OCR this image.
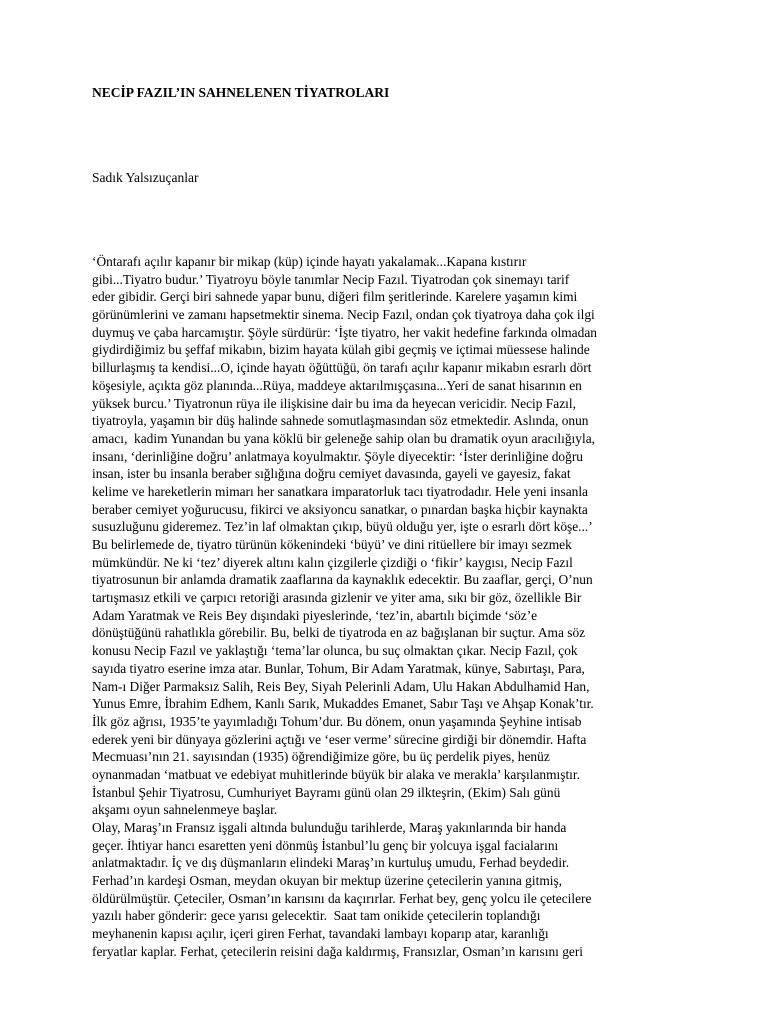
NECİP FAZIL’IN SAHNELENEN TİYATROLARI

Sadık Yalsızuçanlar

‘Öntarafı açılır kapanır bir mikap (küp) içinde hayatı yakalamak...Kapana kıstırır
gibi...Tiyatro budur.’ Tiyatroyu böyle tanımlar Necip Fazıl. Tiyatrodan çok sinemayı tarif
eder gibidir. Gerçi biri sahnede yapar bunu, diğeri film şeritlerinde. Karelere yaşamın kimi
görünümlerini ve zamanı hapsetmektir sinema. Necip Fazıl, ondan çok tiyatroya daha çok ilgi
duymuş ve çaba harcamıştır. Şöyle sürdürür: ‘İşte tiyatro, her vakit hedefine farkında olmadan
giydirdiğimiz bu şeffaf mikabın, bizim hayata külah gibi geçmiş ve içtimai müessese halinde
billurlaşmış ta kendisi...O, içinde hayatı öğüttüğü, ön tarafı açılır kapanır mikabın esrarlı dört
köşesiyle, açıkta göz planında...Rüya, maddeye aktarılmışçasına...Yeri de sanat hisarının en
yüksek burcu.’ Tiyatronun rüya ile ilişkisine dair bu ima da heyecan vericidir. Necip Fazıl,
tiyatroyla, yaşamın bir düş halinde sahnede somutlaşmasından söz etmektedir. Aslında, onun
amacı,  kadim Yunandan bu yana köklü bir geleneğe sahip olan bu dramatik oyun aracılığıyla,
insanı, ‘derinliğine doğru’ anlatmaya koyulmaktır. Şöyle diyecektir: ‘İster derinliğine doğru
insan, ister bu insanla beraber sığlığına doğru cemiyet davasında, gayeli ve gayesiz, fakat
kelime ve hareketlerin mimarı her sanatkara imparatorluk tacı tiyatrodadır. Hele yeni insanla
beraber cemiyet yoğurucusu, fikirci ve aksiyoncu sanatkar, o pınardan başka hiçbir kaynakta
susuzluğunu gideremez. Tez’in laf olmaktan çıkıp, büyü olduğu yer, işte o esrarlı dört köşe...’
Bu belirlemede de, tiyatro türünün kökenindeki ‘büyü’ ve dini ritüellere bir imayı sezmek
mümkündür. Ne ki ‘tez’ diyerek altını kalın çizgilerle çizdiği o ‘fikir’ kaygısı, Necip Fazıl
tiyatrosunun bir anlamda dramatik zaaflarına da kaynaklık edecektir. Bu zaaflar, gerçi, O’nun
tartışmasız etkili ve çarpıcı retoriği arasında gizlenir ve yiter ama, sıkı bir göz, özellikle Bir
Adam Yaratmak ve Reis Bey dışındaki piyeslerinde, ‘tez’in, abartılı biçimde ‘söz’e
dönüştüğünü rahatlıkla görebilir. Bu, belki de tiyatroda en az bağışlanan bir suçtur. Ama söz
konusu Necip Fazıl ve yaklaştığı ‘tema’lar olunca, bu suç olmaktan çıkar. Necip Fazıl, çok
sayıda tiyatro eserine imza atar. Bunlar, Tohum, Bir Adam Yaratmak, künye, Sabırtaşı, Para,
Nam-ı Diğer Parmaksız Salih, Reis Bey, Siyah Pelerinli Adam, Ulu Hakan Abdulhamid Han,
Yunus Emre, İbrahim Edhem, Kanlı Sarık, Mukaddes Emanet, Sabır Taşı ve Ahşap Konak’tır.
İlk göz ağrısı, 1935’te yayımladığı Tohum’dur. Bu dönem, onun yaşamında Şeyhine intisab
ederek yeni bir dünyaya gözlerini açtığı ve ‘eser verme’ sürecine girdiği bir dönemdir. Hafta
Mecmuası’nın 21. sayısından (1935) öğrendiğimize göre, bu üç perdelik piyes, henüz
oynanmadan ‘matbuat ve edebiyat muhitlerinde büyük bir alaka ve merakla’ karşılanmıştır.
İstanbul Şehir Tiyatrosu, Cumhuriyet Bayramı günü olan 29 ilkteşrin, (Ekim) Salı günü
akşamı oyun sahnelenmeye başlar.
Olay, Maraş’ın Fransız işgali altında bulunduğu tarihlerde, Maraş yakınlarında bir handa
geçer. İhtiyar hancı esaretten yeni dönmüş İstanbul’lu genç bir yolcuya işgal facialarını
anlatmaktadır. İç ve dış düşmanların elindeki Maraş’ın kurtuluş umudu, Ferhad beydedir.
Ferhad’ın kardeşi Osman, meydan okuyan bir mektup üzerine çetecilerin yanına gitmiş,
öldürülmüştür. Çeteciler, Osman’ın karısını da kaçırırlar. Ferhat bey, genç yolcu ile çetecilere
yazılı haber gönderir: gece yarısı gelecektir.  Saat tam onikide çetecilerin toplandığı
meyhanenin kapısı açılır, içeri giren Ferhat, tavandaki lambayı koparıp atar, karanlığı
feryatlar kaplar. Ferhat, çetecilerin reisini dağa kaldırmış, Fransızlar, Osman’ın karısını geri
